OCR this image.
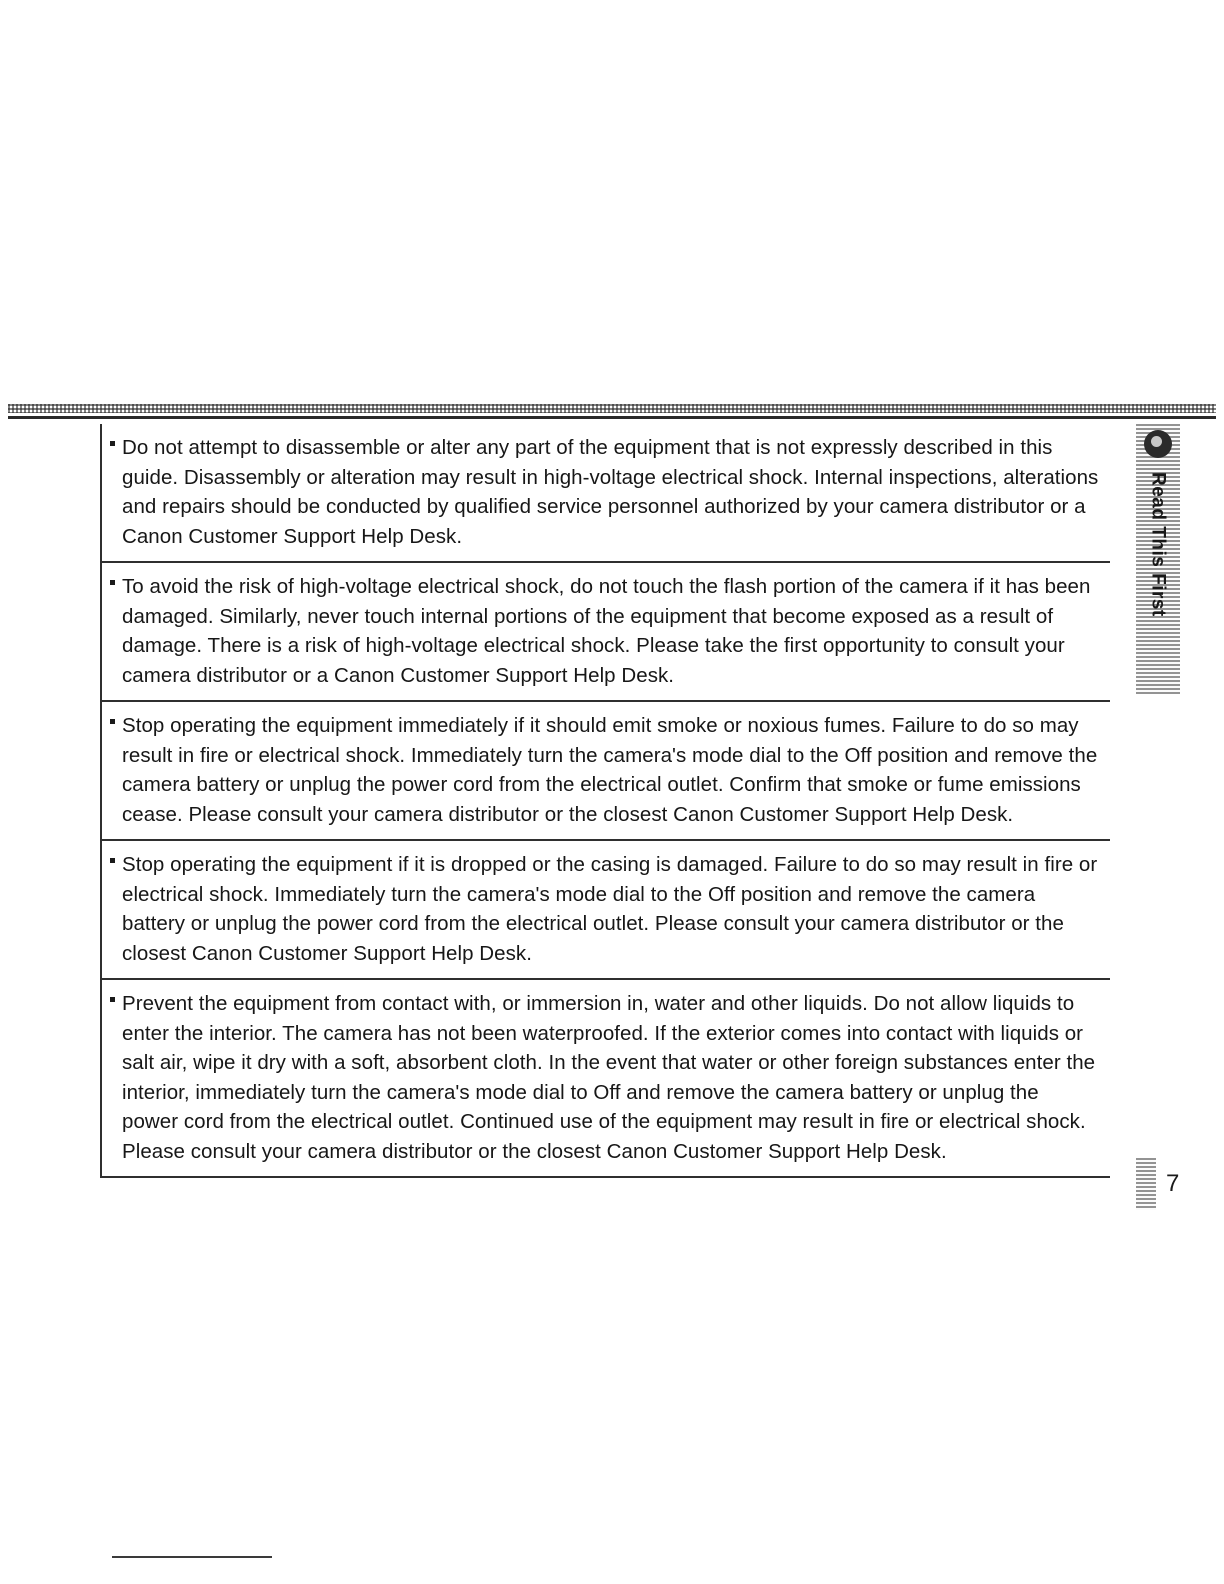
Do not attempt to disassemble or alter any part of the equipment that is not expressly described in this guide. Disassembly or alteration may result in high-voltage electrical shock. Internal inspections, alterations and repairs should be conducted by qualified service personnel authorized by your camera distributor or a Canon Customer Support Help Desk.

To avoid the risk of high-voltage electrical shock, do not touch the flash portion of the camera if it has been damaged. Similarly, never touch internal portions of the equipment that become exposed as a result of damage. There is a risk of high-voltage electrical shock. Please take the first opportunity to consult your camera distributor or a Canon Customer Support Help Desk.

Stop operating the equipment immediately if it should emit smoke or noxious fumes. Failure to do so may result in fire or electrical shock. Immediately turn the camera's mode dial to the Off position and remove the camera battery or unplug the power cord from the electrical outlet. Confirm that smoke or fume emissions cease. Please consult your camera distributor or the closest Canon Customer Support Help Desk.

Stop operating the equipment if it is dropped or the casing is damaged. Failure to do so may result in fire or electrical shock. Immediately turn the camera's mode dial to the Off position and remove the camera battery or unplug the power cord from the electrical outlet. Please consult your camera distributor or the closest Canon Customer Support Help Desk.

Prevent the equipment from contact with, or immersion in, water and other liquids. Do not allow liquids to enter the interior. The camera has not been waterproofed. If the exterior comes into contact with liquids or salt air, wipe it dry with a soft, absorbent cloth. In the event that water or other foreign substances enter the interior, immediately turn the camera's mode dial to Off and remove the camera battery or unplug the power cord from the electrical outlet. Continued use of the equipment may result in fire or electrical shock. Please consult your camera distributor or the closest Canon Customer Support Help Desk.

Read This First
7
